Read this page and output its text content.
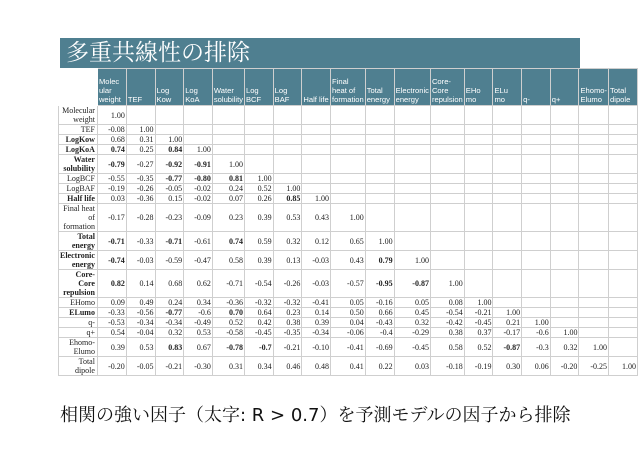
多重共線性の排除
	Molec ular weight	TEF	Log Kow	Log KoA	Water solubility	Log BCF	Log BAF	Half life	Final heat of formation	Total energy	Electronic energy	Core-Core repulsion	EHo mo	ELu mo	q-	q+	Ehomo-Elumo	Total dipole
Molecular weight	1.00																	
TEF	-0.08	1.00																
LogKow	0.68	0.31	1.00															
LogKoA	0.74	0.25	0.84	1.00														
Water solubility	-0.79	-0.27	-0.92	-0.91	1.00													
LogBCF	-0.55	-0.35	-0.77	-0.80	0.81	1.00												
LogBAF	-0.19	-0.26	-0.05	-0.02	0.24	0.52	1.00											
Half life	0.03	-0.36	0.15	-0.02	0.07	0.26	0.85	1.00										
Final heat of formation	-0.17	-0.28	-0.23	-0.09	0.23	0.39	0.53	0.43	1.00									
Total energy	-0.71	-0.33	-0.71	-0.61	0.74	0.59	0.32	0.12	0.65	1.00								
Electronic energy	-0.74	-0.03	-0.59	-0.47	0.58	0.39	0.13	-0.03	0.43	0.79	1.00							
Core-Core repulsion	0.82	0.14	0.68	0.62	-0.71	-0.54	-0.26	-0.03	-0.57	-0.95	-0.87	1.00						
EHomo	0.09	0.49	0.24	0.34	-0.36	-0.32	-0.32	-0.41	0.05	-0.16	0.05	0.08	1.00					
ELumo	-0.33	-0.56	-0.77	-0.6	0.70	0.64	0.23	0.14	0.50	0.66	0.45	-0.54	-0.21	1.00				
q-	-0.53	-0.34	-0.34	-0.49	0.52	0.42	0.38	0.39	0.04	-0.43	0.32	-0.42	-0.45	0.21	1.00			
q+	0.54	-0.04	0.32	0.53	-0.58	-0.45	-0.35	-0.34	-0.06	-0.4	-0.29	0.38	0.37	-0.17	-0.6	1.00		
Ehomo-Elumo	0.39	0.53	0.83	0.67	-0.78	-0.7	-0.21	-0.10	-0.41	-0.69	-0.45	0.58	0.52	-0.87	-0.3	0.32	1.00	
Total dipole	-0.20	-0.05	-0.21	-0.30	0.31	0.34	0.46	0.48	0.41	0.22	0.03	-0.18	-0.19	0.30	0.06	-0.20	-0.25	1.00
相関の強い因子（太字: R > 0.7）を予測モデルの因子から排除
